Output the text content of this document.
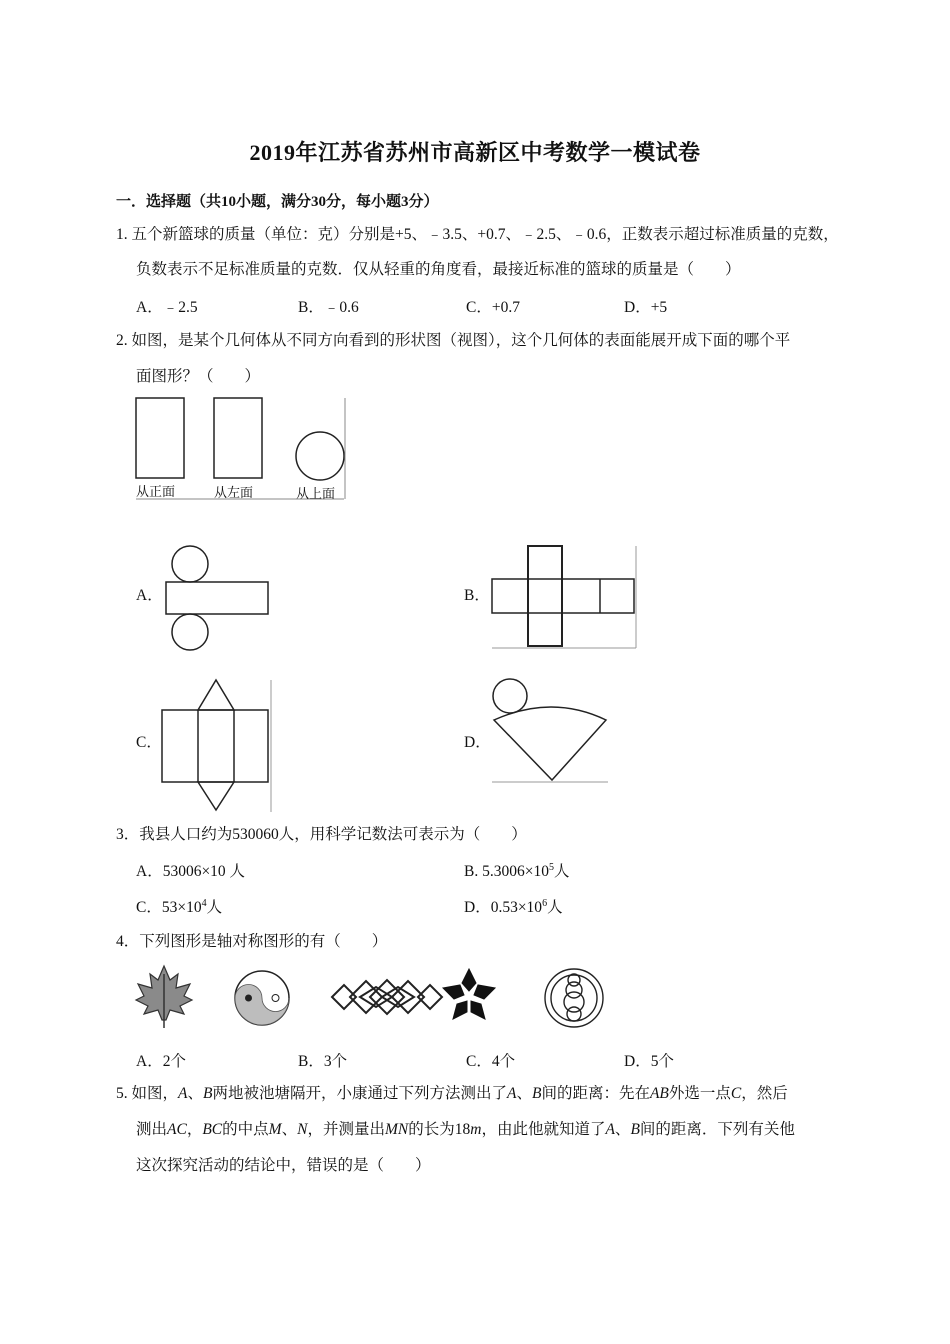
2019年江苏省苏州市高新区中考数学一模试卷
一．选择题（共10小题，满分30分，每小题3分）
1. 五个新篮球的质量（单位：克）分别是+5、﹣3.5、+0.7、﹣2.5、﹣0.6，正数表示超过标准质量的克数，
负数表示不足标准质量的克数．仅从轻重的角度看，最接近标准的篮球的质量是（　　）
A．﹣2.5	B．﹣0.6	C．+0.7	D．+5
2. 如图，是某个几何体从不同方向看到的形状图（视图），这个几何体的表面能展开成下面的哪个平
面图形？（　　）
从正面	从左面	从上面
A．	B．
C．	D．
3．我县人口约为530060人，用科学记数法可表示为（　　）
A．53006×10 人	B. $5.3006\times 10^5$人
C．$53\times 10^4$人	D．$0.53\times 10^6$人
4．下列图形是轴对称图形的有（　　）
A．2个	B．3个	C．4个	D．5个
5. 如图，A、B两地被池塘隔开，小康通过下列方法测出了A、B间的距离：先在AB外选一点C，然后
测出AC，BC的中点M、N，并测量出MN的长为18m，由此他就知道了A、B间的距离．下列有关他
这次探究活动的结论中，错误的是（　　）
